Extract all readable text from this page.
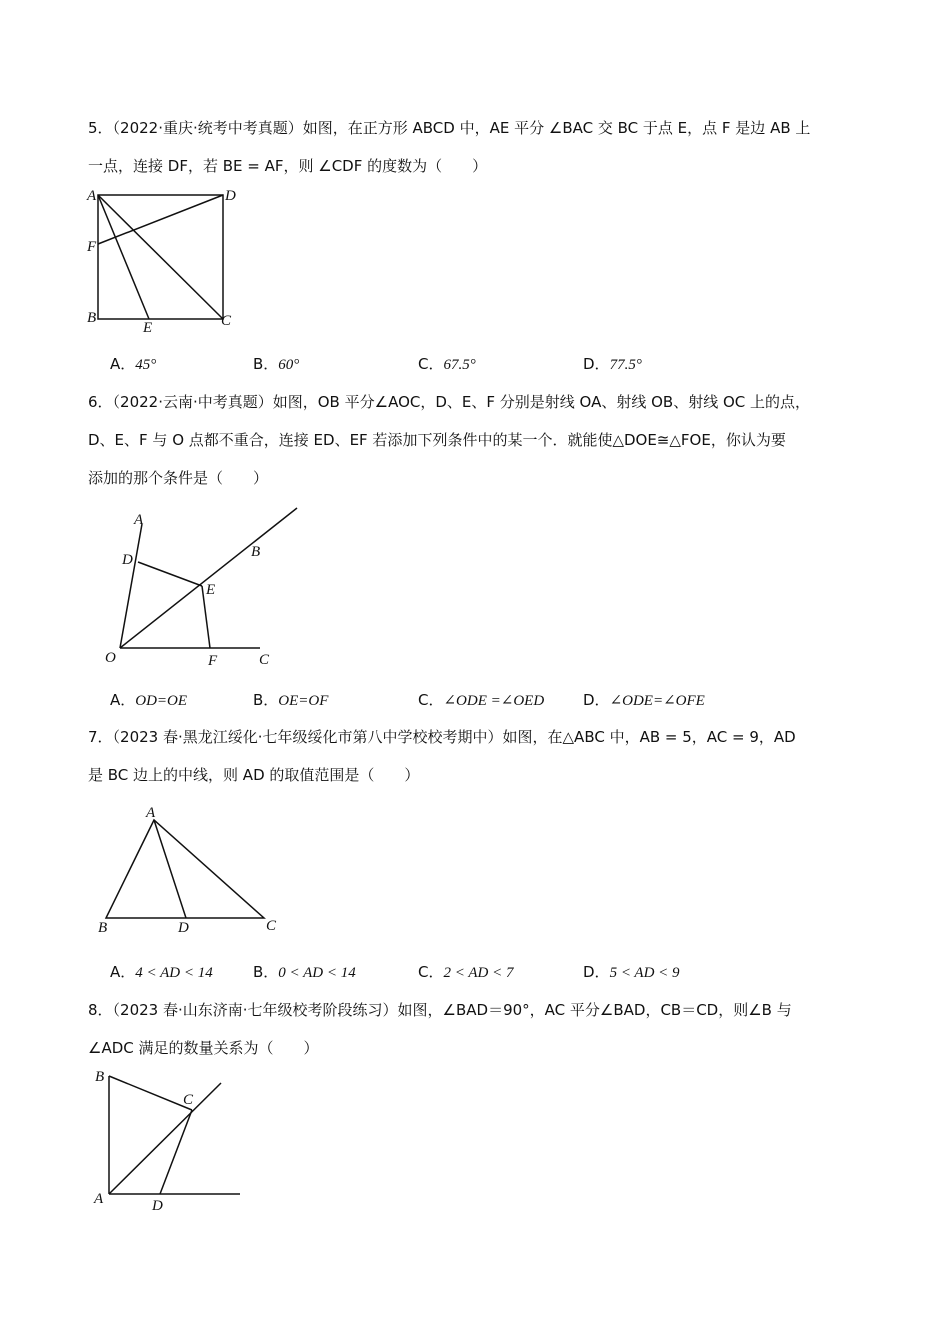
5．（2022·重庆·统考中考真题）如图，在正方形 ABCD 中，AE 平分 ∠BAC 交 BC 于点 E，点 F 是边 AB 上
一点，连接 DF，若 BE = AF，则 ∠CDF 的度数为（　　）
A	D
F
B
E	C
A．45°	B．60°	C．67.5°	D．77.5°
6．（2022·云南·中考真题）如图，OB 平分∠AOC，D、E、F 分别是射线 OA、射线 OB、射线 OC 上的点，
D、E、F 与 O 点都不重合，连接 ED、EF 若添加下列条件中的某一个．就能使△DOE≅△FOE，你认为要
添加的那个条件是（　　）
A
D	B
E
O	F	C
A．OD=OE	B．OE=OF	C．∠ODE =∠OED	D．∠ODE=∠OFE
7．（2023 春·黑龙江绥化·七年级绥化市第八中学校校考期中）如图，在△ABC 中，AB = 5，AC = 9，AD
是 BC 边上的中线，则 AD 的取值范围是（　　）
A
B	D	C
A．4 < AD < 14	B．0 < AD < 14	C．2 < AD < 7	D．5 < AD < 9
8．（2023 春·山东济南·七年级校考阶段练习）如图，∠BAD＝90°，AC 平分∠BAD，CB＝CD，则∠B 与
∠ADC 满足的数量关系为（　　）
B
C
A	D
